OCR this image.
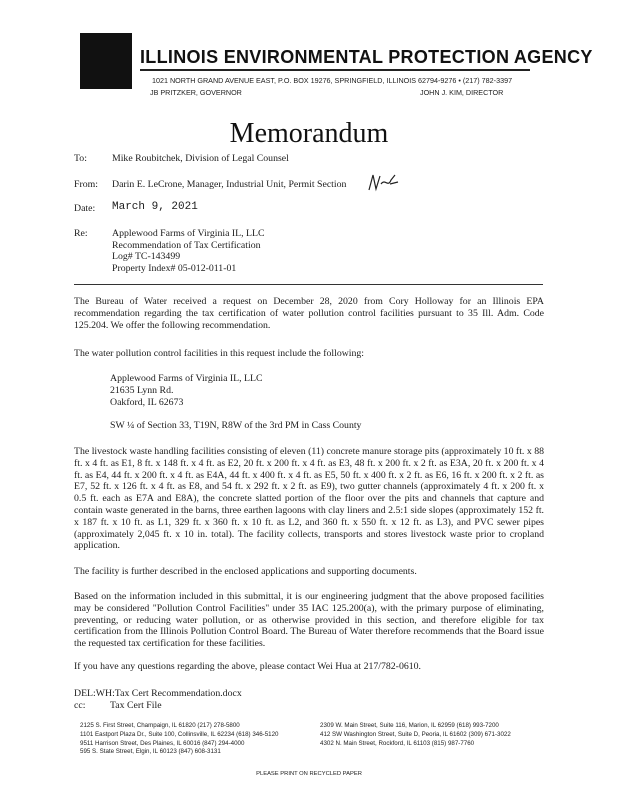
ILLINOIS ENVIRONMENTAL PROTECTION AGENCY
1021 NORTH GRAND AVENUE EAST, P.O. BOX 19276, SPRINGFIELD, ILLINOIS 62794-9276 • (217) 782-3397
JB PRITZKER, GOVERNOR	JOHN J. KIM, DIRECTOR
Memorandum
To:	Mike Roubitchek, Division of Legal Counsel
From: Darin E. LeCrone, Manager, Industrial Unit, Permit Section
Date: March 9, 2021
Re: Applewood Farms of Virginia IL, LLC
Recommendation of Tax Certification
Log# TC-143499
Property Index# 05-012-011-01
The Bureau of Water received a request on December 28, 2020 from Cory Holloway for an Illinois EPA recommendation regarding the tax certification of water pollution control facilities pursuant to 35 Ill. Adm. Code 125.204. We offer the following recommendation.
The water pollution control facilities in this request include the following:
Applewood Farms of Virginia IL, LLC
21635 Lynn Rd.
Oakford, IL 62673
SW ¼ of Section 33, T19N, R8W of the 3rd PM in Cass County
The livestock waste handling facilities consisting of eleven (11) concrete manure storage pits (approximately 10 ft. x 88 ft. x 4 ft. as E1, 8 ft. x 148 ft. x 4 ft. as E2, 20 ft. x 200 ft. x 4 ft. as E3, 48 ft. x 200 ft. x 2 ft. as E3A, 20 ft. x 200 ft. x 4 ft. as E4, 44 ft. x 200 ft. x 4 ft. as E4A, 44 ft. x 400 ft. x 4 ft. as E5, 50 ft. x 400 ft. x 2 ft. as E6, 16 ft. x 200 ft. x 2 ft. as E7, 52 ft. x 126 ft. x 4 ft. as E8, and 54 ft. x 292 ft. x 2 ft. as E9), two gutter channels (approximately 4 ft. x 200 ft. x 0.5 ft. each as E7A and E8A), the concrete slatted portion of the floor over the pits and channels that capture and contain waste generated in the barns, three earthen lagoons with clay liners and 2.5:1 side slopes (approximately 152 ft. x 187 ft. x 10 ft. as L1, 329 ft. x 360 ft. x 10 ft. as L2, and 360 ft. x 550 ft. x 12 ft. as L3), and PVC sewer pipes (approximately 2,045 ft. x 10 in. total). The facility collects, transports and stores livestock waste prior to cropland application.
The facility is further described in the enclosed applications and supporting documents.
Based on the information included in this submittal, it is our engineering judgment that the above proposed facilities may be considered "Pollution Control Facilities" under 35 IAC 125.200(a), with the primary purpose of eliminating, preventing, or reducing water pollution, or as otherwise provided in this section, and therefore eligible for tax certification from the Illinois Pollution Control Board. The Bureau of Water therefore recommends that the Board issue the requested tax certification for these facilities.
If you have any questions regarding the above, please contact Wei Hua at 217/782-0610.
DEL:WH:Tax Cert Recommendation.docx
cc:	Tax Cert File
2125 S. First Street, Champaign, IL 61820 (217) 278-5800
1101 Eastport Plaza Dr., Suite 100, Collinsville, IL 62234 (618) 346-5120
9511 Harrison Street, Des Plaines, IL 60016 (847) 294-4000
595 S. State Street, Elgin, IL 60123 (847) 608-3131
2309 W. Main Street, Suite 116, Marion, IL 62959 (618) 993-7200
412 SW Washington Street, Suite D, Peoria, IL 61602 (309) 671-3022
4302 N. Main Street, Rockford, IL 61103 (815) 987-7760
PLEASE PRINT ON RECYCLED PAPER
